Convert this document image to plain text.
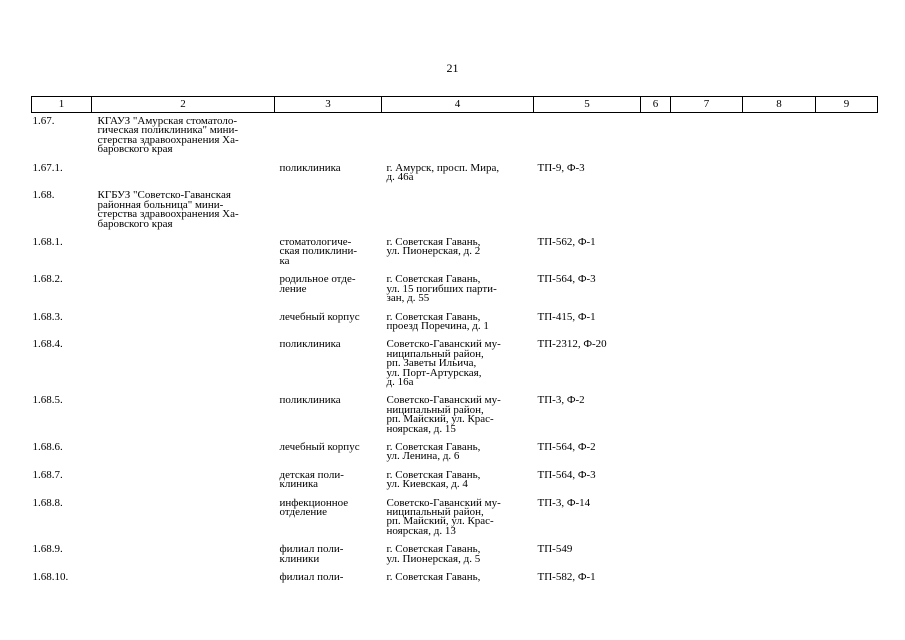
21
1	2	3	4	5	6	7	8	9
1.67.	КГАУЗ "Амурская стоматоло-
гическая поликлиника" мини-
стерства здравоохранения Ха-
баровского края							

1.67.1.		поликлиника	г. Амурск, просп. Мира,
д. 46а	ТП-9, Ф-3				

1.68.	КГБУЗ "Советско-Гаванская
районная больница" мини-
стерства здравоохранения Ха-
баровского края							

1.68.1.		стоматологиче-
ская поликлини-
ка	г. Советская Гавань,
ул. Пионерская, д. 2	ТП-562, Ф-1				

1.68.2.		родильное отде-
ление	г. Советская Гавань,
ул. 15 погибших парти-
зан, д. 55	ТП-564, Ф-3				

1.68.3.		лечебный корпус	г. Советская Гавань,
проезд Поречина, д. 1	ТП-415, Ф-1				

1.68.4.		поликлиника	Советско-Гаванский му-
ниципальный район,
рп. Заветы Ильича,
ул. Порт-Артурская,
д. 16а	ТП-2312, Ф-20				

1.68.5.		поликлиника	Советско-Гаванский му-
ниципальный район,
рп. Майский, ул. Крас-
ноярская, д. 15	ТП-3, Ф-2				

1.68.6.		лечебный корпус	г. Советская Гавань,
ул. Ленина, д. 6	ТП-564, Ф-2				

1.68.7.		детская поли-
клиника	г. Советская Гавань,
ул. Киевская, д. 4	ТП-564, Ф-3				

1.68.8.		инфекционное
отделение	Советско-Гаванский му-
ниципальный район,
рп. Майский, ул. Крас-
ноярская, д. 13	ТП-3, Ф-14				

1.68.9.		филиал поли-
клиники	г. Советская Гавань,
ул. Пионерская, д. 5	ТП-549				

1.68.10.		филиал поли-	г. Советская Гавань,	ТП-582, Ф-1				
